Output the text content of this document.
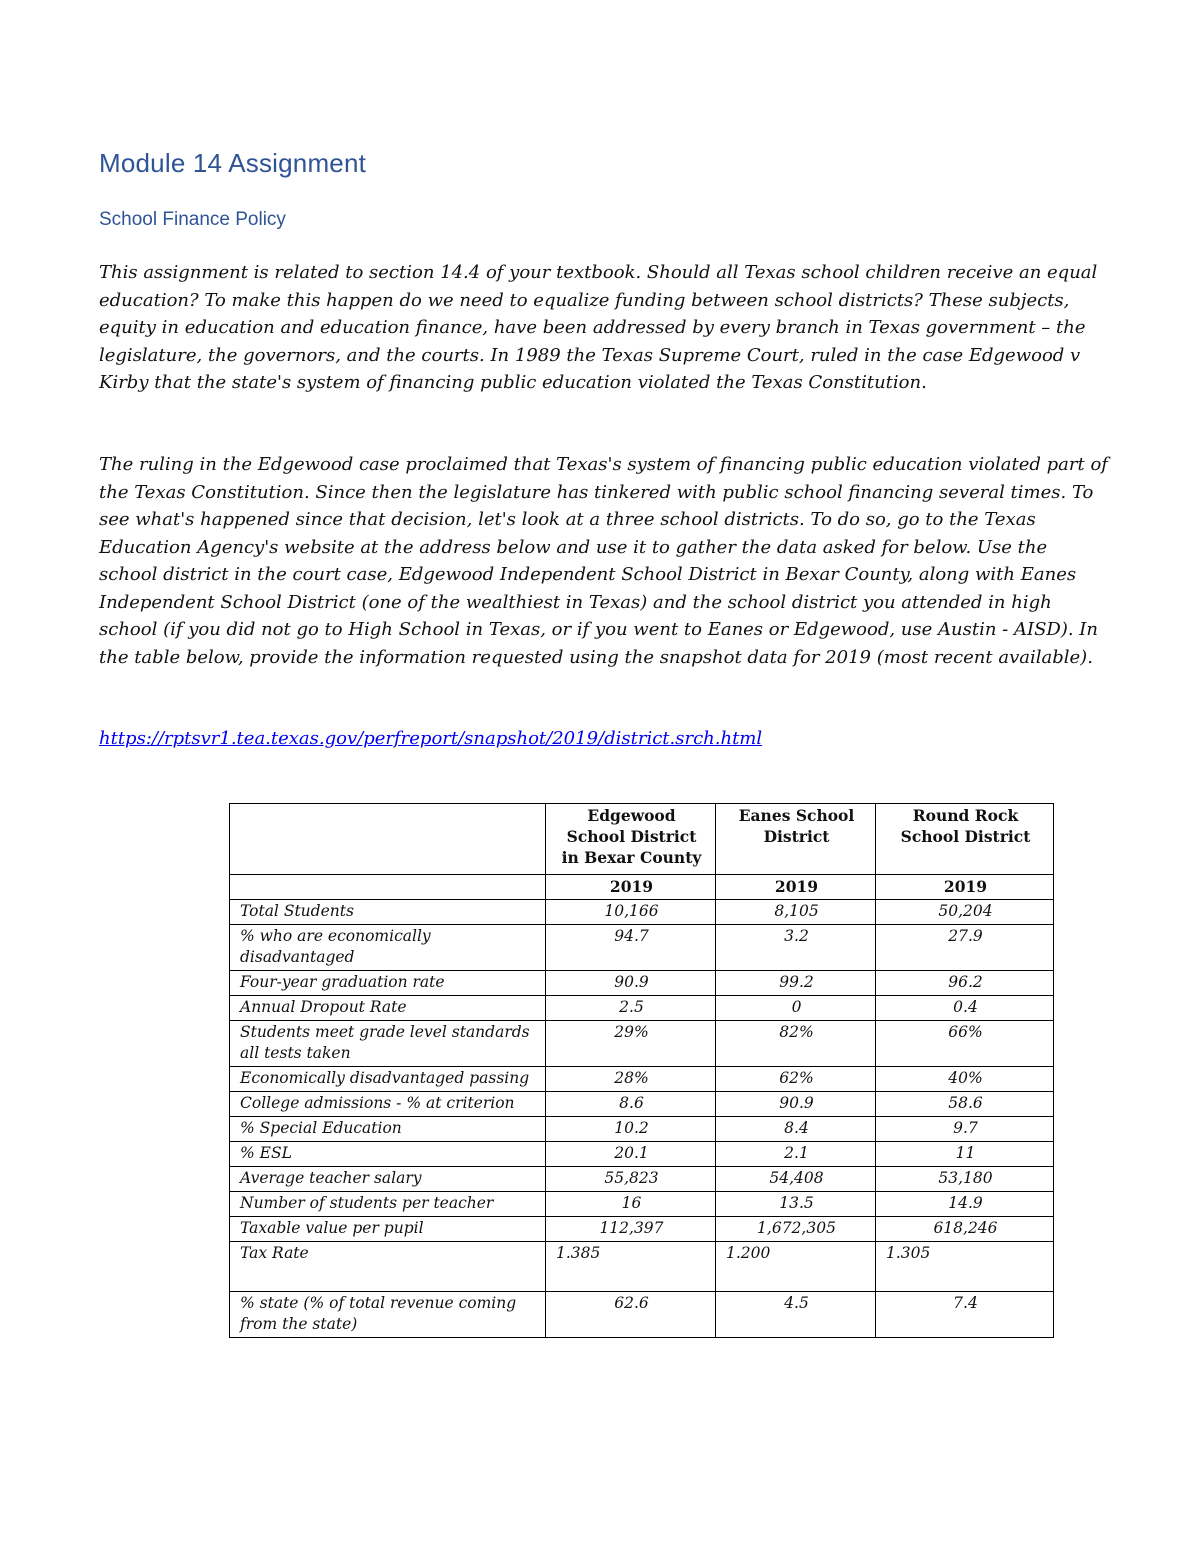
Module 14 Assignment
School Finance Policy

This assignment is related to section 14.4 of your textbook. Should all Texas school children receive an equal education? To make this happen do we need to equalize funding between school districts? These subjects, equity in education and education finance, have been addressed by every branch in Texas government – the legislature, the governors, and the courts. In 1989 the Texas Supreme Court, ruled in the case Edgewood v Kirby that the state's system of financing public education violated the Texas Constitution.

The ruling in the Edgewood case proclaimed that Texas's system of financing public education violated part of the Texas Constitution. Since then the legislature has tinkered with public school financing several times. To see what's happened since that decision, let's look at a three school districts. To do so, go to the Texas Education Agency's website at the address below and use it to gather the data asked for below. Use the school district in the court case, Edgewood Independent School District in Bexar County, along with Eanes Independent School District (one of the wealthiest in Texas) and the school district you attended in high school (if you did not go to High School in Texas, or if you went to Eanes or Edgewood, use Austin - AISD). In the table below, provide the information requested using the snapshot data for 2019 (most recent available).

https://rptsvr1.tea.texas.gov/perfreport/snapshot/2019/district.srch.html
	Edgewood School District in Bexar County	Eanes School District	Round Rock School District
	2019	2019	2019
Total Students	10,166	8,105	50,204
% who are economically disadvantaged	94.7	3.2	27.9
Four-year graduation rate	90.9	99.2	96.2
Annual Dropout Rate	2.5	0	0.4
Students meet grade level standards all tests taken	29%	82%	66%
Economically disadvantaged passing	28%	62%	40%
College admissions - % at criterion	8.6	90.9	58.6
% Special Education	10.2	8.4	9.7
% ESL	20.1	2.1	11
Average teacher salary	55,823	54,408	53,180
Number of students per teacher	16	13.5	14.9
Taxable value per pupil	112,397	1,672,305	618,246
Tax Rate	1.385	1.200	1.305
% state (% of total revenue coming from the state)	62.6	4.5	7.4
